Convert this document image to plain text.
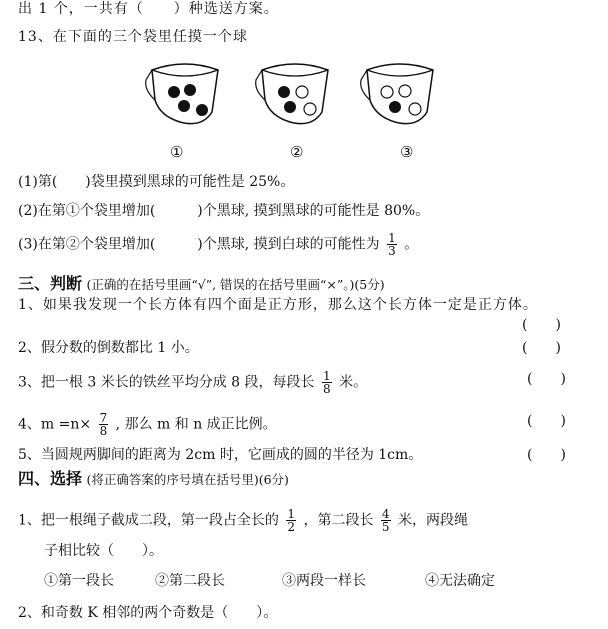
出 1 个，一共有（　　）种选送方案。
13、在下面的三个袋里任摸一个球
①	②	③
(1)第(　　)袋里摸到黑球的可能性是 25%。
(2)在第①个袋里增加(　　　)个黑球, 摸到黑球的可能性是 80%。
(3)在第②个袋里增加(　　　)个黑球, 摸到白球的可能性为 $\frac{1}{3}$ 。
三、判断 (正确的在括号里画“√”, 错误的在括号里画“×”。)(5分)
1、如果我发现一个长方体有四个面是正方形，那么这个长方体一定是正方体。
(　　)
2、假分数的倒数都比 1 小。	(　　)
3、把一根 3 米长的铁丝平均分成 8 段，每段长 $\frac{1}{8}$ 米。	(　　)
4、$m =n\times \frac{7}{8}$ , 那么 m 和 n 成正比例。	(　　)
5、当圆规两脚间的距离为 2cm 时，它画成的圆的半径为 1cm。	(　　)
四、选择 (将正确答案的序号填在括号里)(6分)
1、把一根绳子截成二段，第一段占全长的 $\frac{1}{2}$ ，第二段长 $\frac{4}{5}$ 米，两段绳
子相比较（　　）。
①第一段长	②第二段长	③两段一样长	④无法确定
2、和奇数 K 相邻的两个奇数是（　　）。
